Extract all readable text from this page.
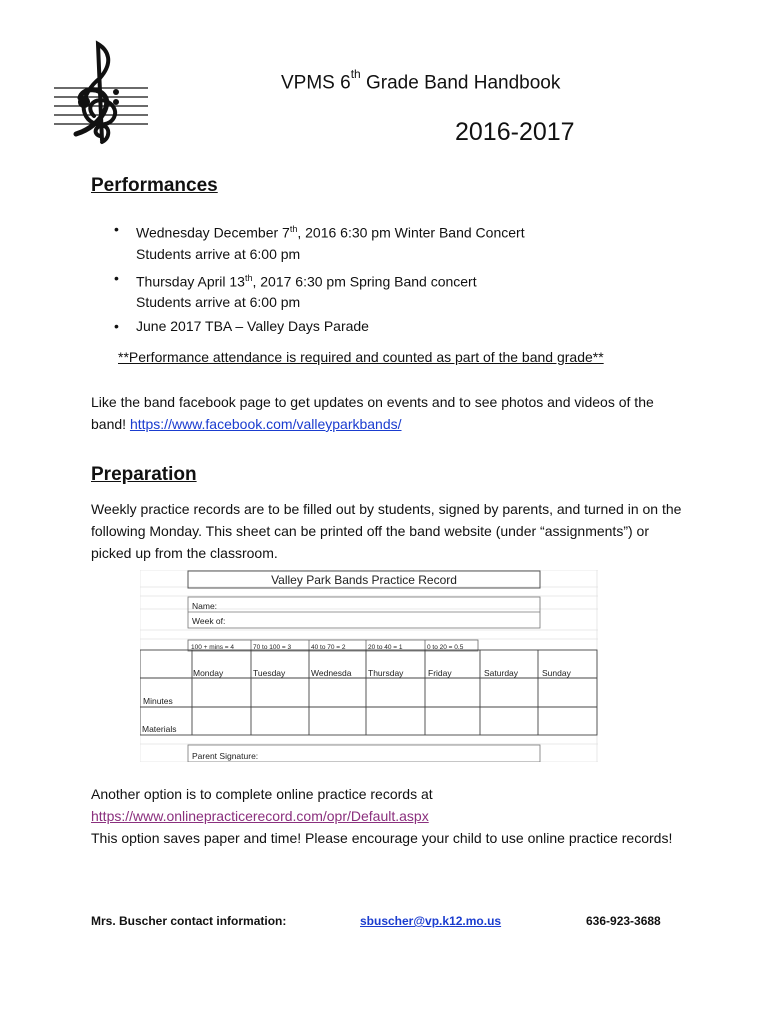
VPMS 6th Grade Band Handbook
2016-2017
Performances
• Wednesday December 7th, 2016 6:30 pm Winter Band Concert
Students arrive at 6:00 pm
• Thursday April 13th, 2017 6:30 pm Spring Band concert
Students arrive at 6:00 pm
• June 2017 TBA – Valley Days Parade
**Performance attendance is required and counted as part of the band grade**
Like the band facebook page to get updates on events and to see photos and videos of the band! https://www.facebook.com/valleyparkbands/
Preparation
Weekly practice records are to be filled out by students, signed by parents, and turned in on the following Monday. This sheet can be printed off the band website (under “assignments”) or picked up from the classroom.
Valley Park Bands Practice Record
Name:
Week of:
100 + mins = 4	70 to 100 = 3	40 to 70 = 2	20 to 40 = 1	0 to 20 = 0.5
Monday	Tuesday	Wednesda Thursday	Friday	Saturday	Sunday
Minutes
Materials
Parent Signature:
Another option is to complete online practice records at
https://www.onlinepracticerecord.com/opr/Default.aspx
This option saves paper and time! Please encourage your child to use online practice records!
Mrs. Buscher contact information:	sbuscher@vp.k12.mo.us	636-923-3688
